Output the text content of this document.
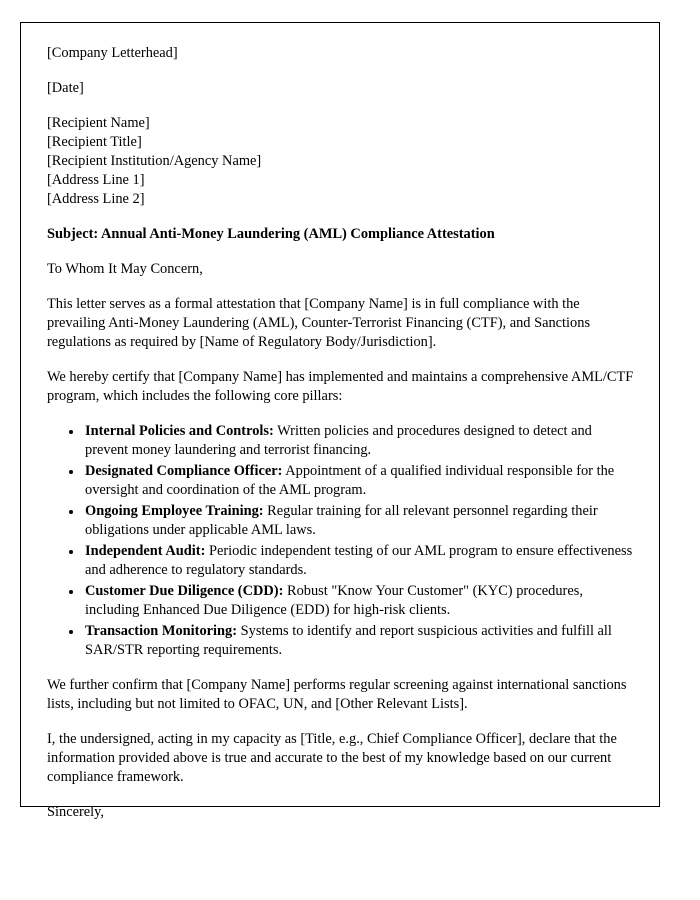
[Company Letterhead]

[Date]

[Recipient Name]

[Recipient Title]

[Recipient Institution/Agency Name]

[Address Line 1]

[Address Line 2]

Subject: Annual Anti-Money Laundering (AML) Compliance Attestation

To Whom It May Concern,

This letter serves as a formal attestation that [Company Name] is in full compliance with the prevailing Anti-Money Laundering (AML), Counter-Terrorist Financing (CTF), and Sanctions regulations as required by [Name of Regulatory Body/Jurisdiction].

We hereby certify that [Company Name] has implemented and maintains a comprehensive AML/CTF program, which includes the following core pillars:

• Internal Policies and Controls: Written policies and procedures designed to detect and prevent money laundering and terrorist financing.
• Designated Compliance Officer: Appointment of a qualified individual responsible for the oversight and coordination of the AML program.
• Ongoing Employee Training: Regular training for all relevant personnel regarding their obligations under applicable AML laws.
• Independent Audit: Periodic independent testing of our AML program to ensure effectiveness and adherence to regulatory standards.
• Customer Due Diligence (CDD): Robust "Know Your Customer" (KYC) procedures, including Enhanced Due Diligence (EDD) for high-risk clients.
• Transaction Monitoring: Systems to identify and report suspicious activities and fulfill all SAR/STR reporting requirements.

We further confirm that [Company Name] performs regular screening against international sanctions lists, including but not limited to OFAC, UN, and [Other Relevant Lists].

I, the undersigned, acting in my capacity as [Title, e.g., Chief Compliance Officer], declare that the information provided above is true and accurate to the best of my knowledge based on our current compliance framework.

Sincerely,
